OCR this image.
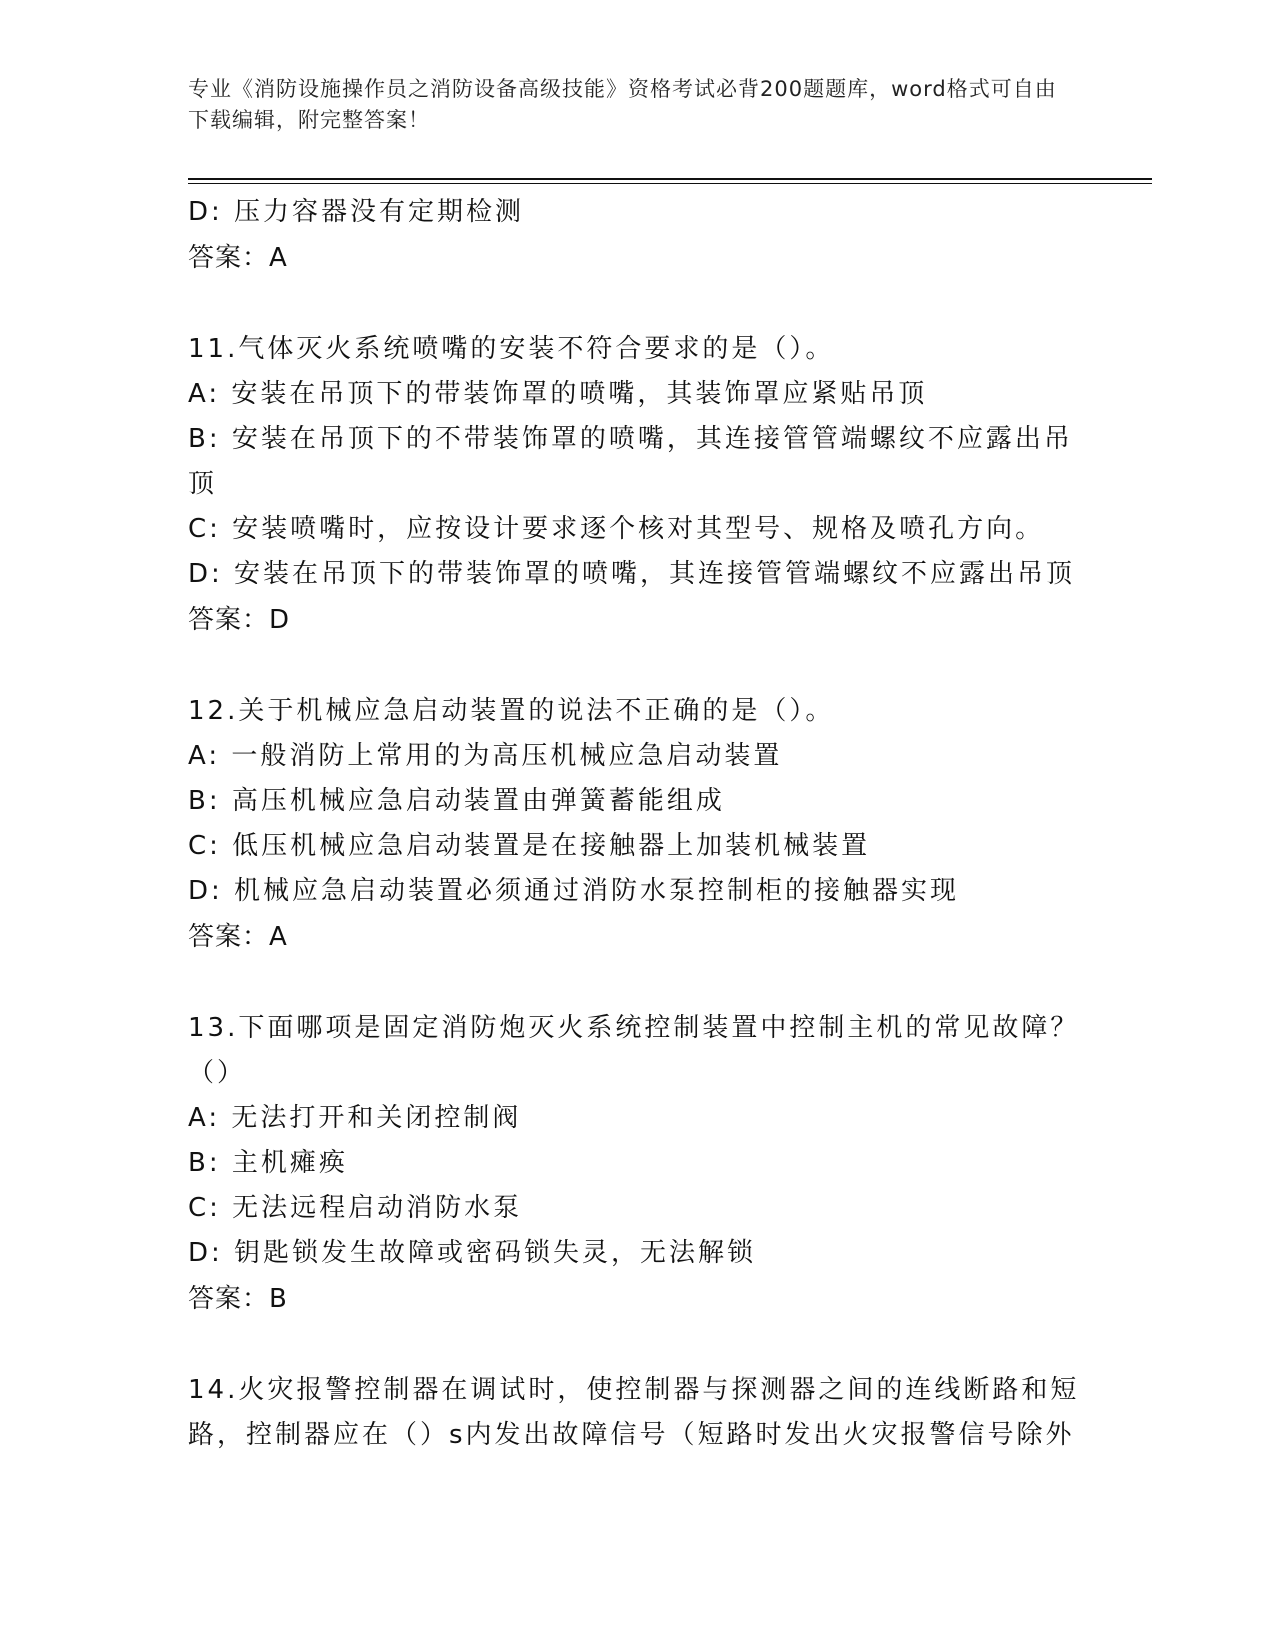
专业《消防设施操作员之消防设备高级技能》资格考试必背200题题库，word格式可自由下载编辑，附完整答案！
D: 压力容器没有定期检测
答案：A
11.气体灭火系统喷嘴的安装不符合要求的是（）。
A: 安装在吊顶下的带装饰罩的喷嘴，其装饰罩应紧贴吊顶
B: 安装在吊顶下的不带装饰罩的喷嘴，其连接管管端螺纹不应露出吊顶
C: 安装喷嘴时，应按设计要求逐个核对其型号、规格及喷孔方向。
D: 安装在吊顶下的带装饰罩的喷嘴，其连接管管端螺纹不应露出吊顶
答案：D
12.关于机械应急启动装置的说法不正确的是（）。
A: 一般消防上常用的为高压机械应急启动装置
B: 高压机械应急启动装置由弹簧蓄能组成
C: 低压机械应急启动装置是在接触器上加装机械装置
D: 机械应急启动装置必须通过消防水泵控制柜的接触器实现
答案：A
13.下面哪项是固定消防炮灭火系统控制装置中控制主机的常见故障？（）
A: 无法打开和关闭控制阀
B: 主机瘫痪
C: 无法远程启动消防水泵
D: 钥匙锁发生故障或密码锁失灵，无法解锁
答案：B
14.火灾报警控制器在调试时，使控制器与探测器之间的连线断路和短路，控制器应在（）s内发出故障信号（短路时发出火灾报警信号除外
